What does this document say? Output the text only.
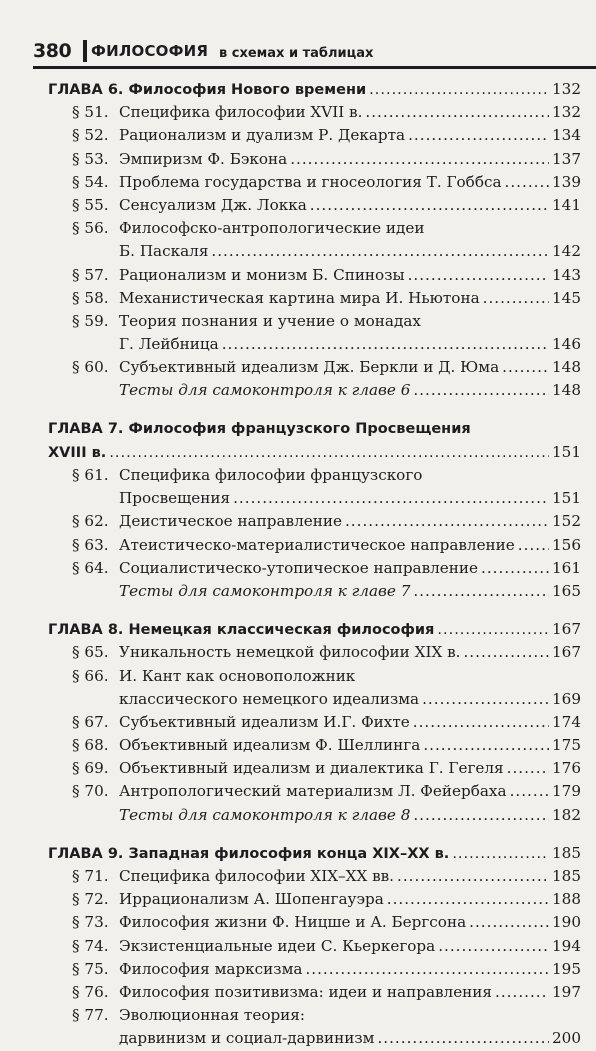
380 ФИЛОСОФИЯ в схемах и таблицах
ГЛАВА 6. Философия Нового времени .....	132
§ 51. Специфика философии XVII в. .....	132
§ 52. Рационализм и дуализм Р. Декарта .....	134
§ 53. Эмпиризм Ф. Бэкона .....	137
§ 54. Проблема государства и гносеология Т. Гоббса .....	139
§ 55. Сенсуализм Дж. Локка .....	141
§ 56. Философско-антропологические идеи
Б. Паскаля .....	142
§ 57. Рационализм и монизм Б. Спинозы .....	143
§ 58. Механистическая картина мира И. Ньютона .....	145
§ 59. Теория познания и учение о монадах
Г. Лейбница .....	146
§ 60. Субъективный идеализм Дж. Беркли и Д. Юма .....	148
Тесты для самоконтроля к главе 6 .....	148
ГЛАВА 7. Философия французского Просвещения
XVIII в. .....	151
§ 61. Специфика философии французского
Просвещения .....	151
§ 62. Деистическое направление .....	152
§ 63. Атеистическо-материалистическое направление ..... 156
§ 64. Социалистическо-утопическое направление .....	161
Тесты для самоконтроля к главе 7 .....	165
ГЛАВА 8. Немецкая классическая философия .....	167
§ 65. Уникальность немецкой философии XIX в. .....	167
§ 66. И. Кант как основоположник
классического немецкого идеализма .....	169
§ 67. Субъективный идеализм И.Г. Фихте .....	174
§ 68. Объективный идеализм Ф. Шеллинга .....	175
§ 69. Объективный идеализм и диалектика Г. Гегеля .....	176
§ 70. Антропологический материализм Л. Фейербаха .....	179
Тесты для самоконтроля к главе 8 .....	182
ГЛАВА 9. Западная философия конца XIX–XX в. .....	185
§ 71. Специфика философии XIX–XX вв. .....	185
§ 72. Иррационализм А. Шопенгауэра .....	188
§ 73. Философия жизни Ф. Ницше и А. Бергсона .....	190
§ 74. Экзистенциальные идеи С. Кьеркегора .....	194
§ 75. Философия марксизма .....	195
§ 76. Философия позитивизма: идеи и направления .....	197
§ 77. Эволюционная теория:
дарвинизм и социал-дарвинизм .....	200
